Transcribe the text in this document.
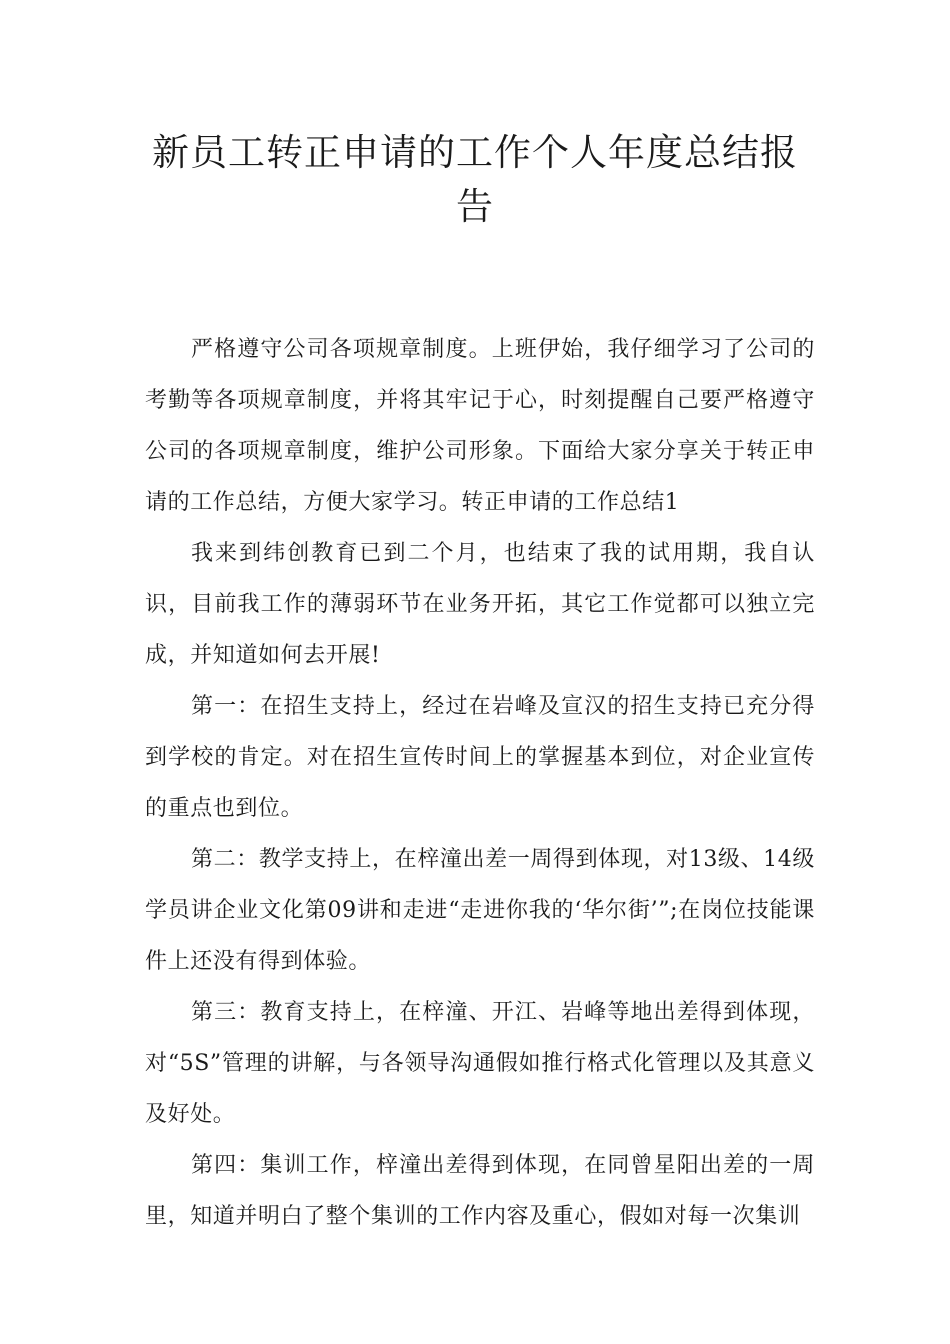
新员工转正申请的工作个人年度总结报告

严格遵守公司各项规章制度。上班伊始，我仔细学习了公司的考勤等各项规章制度，并将其牢记于心，时刻提醒自己要严格遵守公司的各项规章制度，维护公司形象。下面给大家分享关于转正申请的工作总结，方便大家学习。转正申请的工作总结1

我来到纬创教育已到二个月，也结束了我的试用期，我自认识，目前我工作的薄弱环节在业务开拓，其它工作觉都可以独立完成，并知道如何去开展!

第一：在招生支持上，经过在岩峰及宣汉的招生支持已充分得到学校的肯定。对在招生宣传时间上的掌握基本到位，对企业宣传的重点也到位。

第二：教学支持上，在梓潼出差一周得到体现，对13级、14级学员讲企业文化第09讲和走进“走进你我的‘华尔街’”;在岗位技能课件上还没有得到体验。

第三：教育支持上，在梓潼、开江、岩峰等地出差得到体现，对“5S”管理的讲解，与各领导沟通假如推行格式化管理以及其意义及好处。

第四：集训工作，梓潼出差得到体现，在同曾星阳出差的一周里，知道并明白了整个集训的工作内容及重心，假如对每一次集训
